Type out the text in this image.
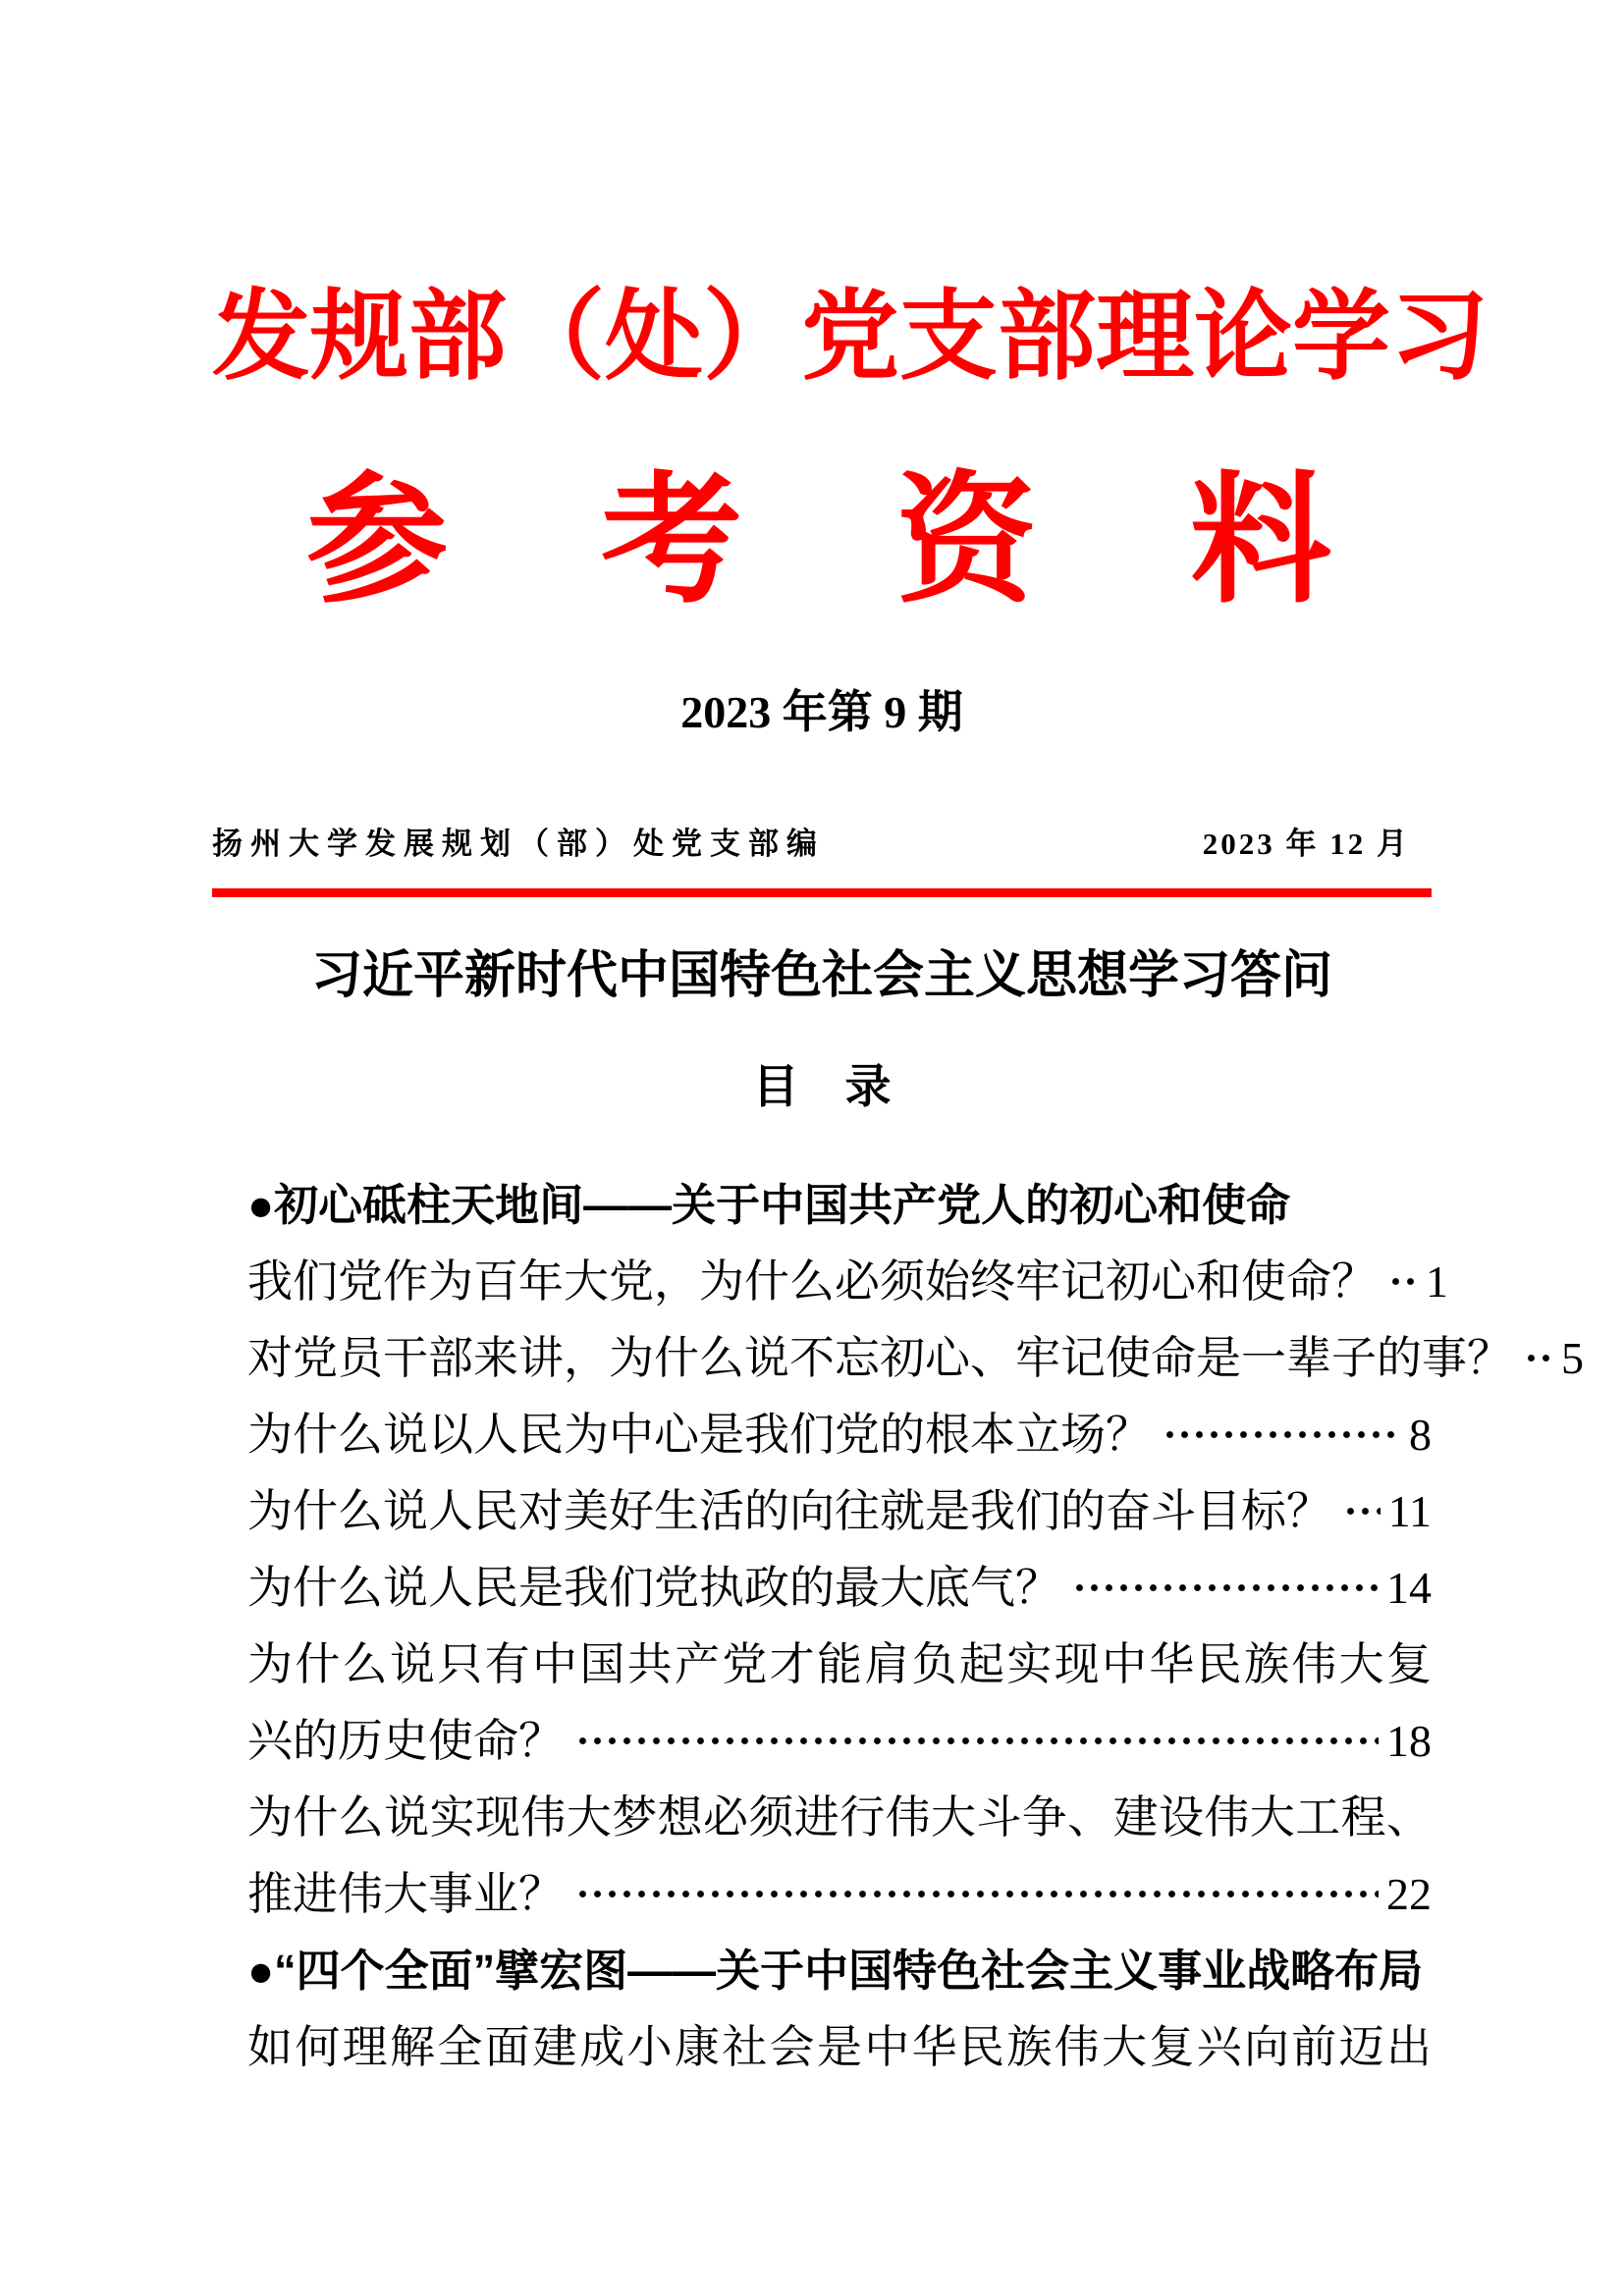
发规部（处）党支部理论学习
参　考　资　料
2023 年第 9 期
扬州大学发展规划（部）处党支部编	2023 年 12 月
习近平新时代中国特色社会主义思想学习答问
目　录
●初心砥柱天地间——关于中国共产党人的初心和使命
我们党作为百年大党，为什么必须始终牢记初心和使命？ 1
对党员干部来讲，为什么说不忘初心、牢记使命是一辈子的事？ 5
为什么说以人民为中心是我们党的根本立场？	8
为什么说人民对美好生活的向往就是我们的奋斗目标？ 11
为什么说人民是我们党执政的最大底气？	14
为什么说只有中国共产党才能肩负起实现中华民族伟大复
兴的历史使命？	18
为什么说实现伟大梦想必须进行伟大斗争、建设伟大工程、
推进伟大事业？	22
●“四个全面”擘宏图——关于中国特色社会主义事业战略布局
如何理解全面建成小康社会是中华民族伟大复兴向前迈出
